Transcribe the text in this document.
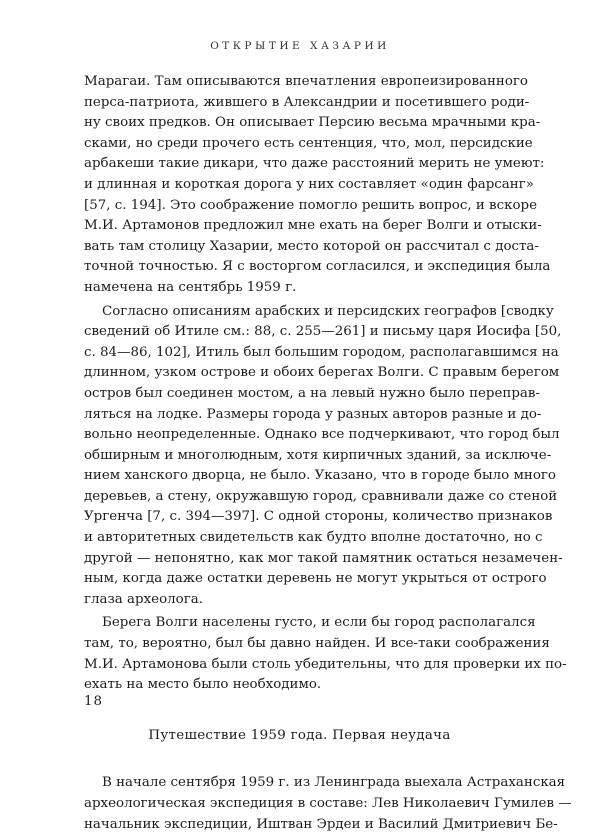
ОТКРЫТИЕ ХАЗАРИИ
Марагаи. Там описываются впечатления европеизированного
перса-патриота, жившего в Александрии и посетившего роди-
ну своих предков. Он описывает Персию весьма мрачными кра-
сками, но среди прочего есть сентенция, что, мол, персидские
арбакеши такие дикари, что даже расстояний мерить не умеют:
и длинная и короткая дорога у них составляет «один фарсанг»
[57, с. 194]. Это соображение помогло решить вопрос, и вскоре
М.И. Артамонов предложил мне ехать на берег Волги и отыски-
вать там столицу Хазарии, место которой он рассчитал с доста-
точной точностью. Я с восторгом согласился, и экспедиция была
намечена на сентябрь 1959 г.
Согласно описаниям арабских и персидских географов [сводку
сведений об Итиле см.: 88, с. 255—261] и письму царя Иосифа [50,
с. 84—86, 102], Итиль был большим городом, располагавшимся на
длинном, узком острове и обоих берегах Волги. С правым берегом
остров был соединен мостом, а на левый нужно было переправ-
ляться на лодке. Размеры города у разных авторов разные и до-
вольно неопределенные. Однако все подчеркивают, что город был
обширным и многолюдным, хотя кирпичных зданий, за исключе-
нием ханского дворца, не было. Указано, что в городе было много
деревьев, а стену, окружавшую город, сравнивали даже со стеной
Ургенча [7, с. 394—397]. С одной стороны, количество признаков
и авторитетных свидетельств как будто вполне достаточно, но с
другой — непонятно, как мог такой памятник остаться незамечен-
ным, когда даже остатки деревень не могут укрыться от острого
глаза археолога.
Берега Волги населены густо, и если бы город располагался
там, то, вероятно, был бы давно найден. И все-таки соображения
М.И. Артамонова были столь убедительны, что для проверки их по-
ехать на место было необходимо.
Путешествие 1959 года. Первая неудача
В начале сентября 1959 г. из Ленинграда выехала Астраханская
археологическая экспедиция в составе: Лев Николаевич Гумилев —
начальник экспедиции, Иштван Эрдеи и Василий Дмитриевич Бе-
18
